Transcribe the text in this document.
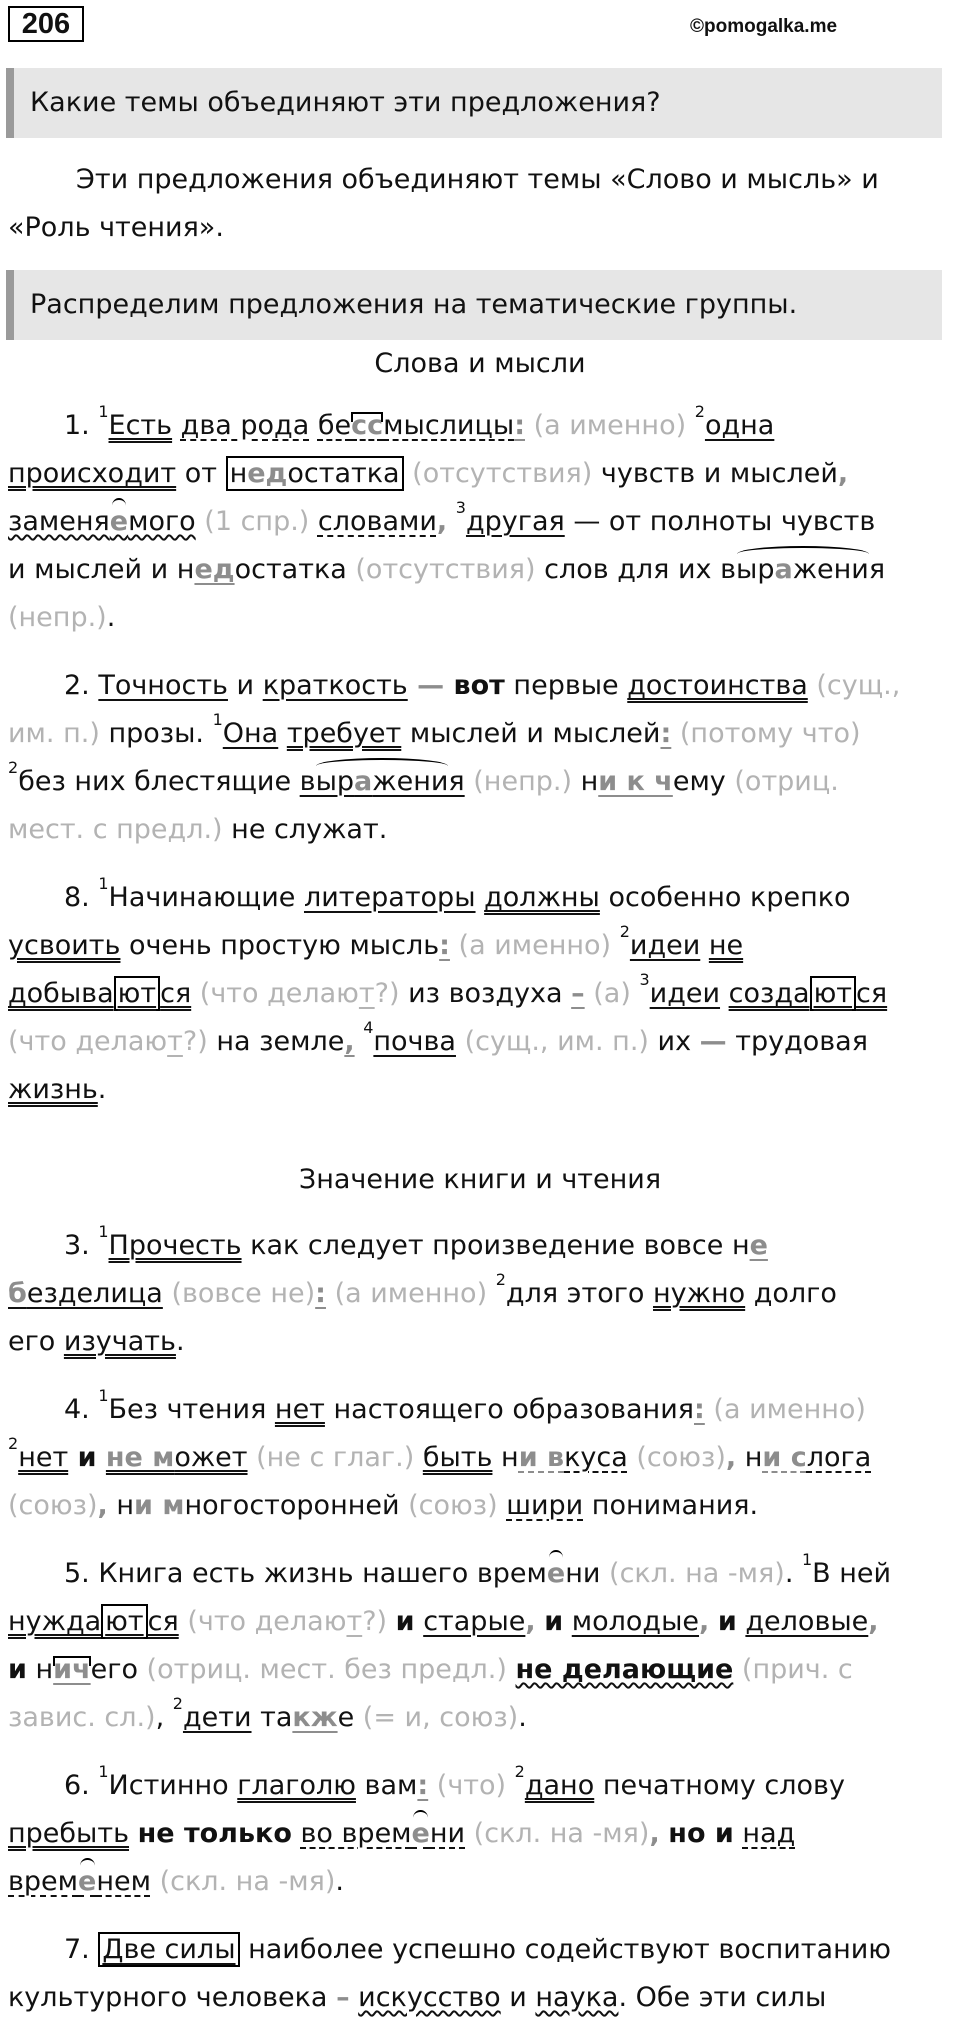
206	©pomogalka.me
Какие темы объединяют эти предложения?
Эти предложения объединяют темы «Слово и мысль» и
«Роль чтения».
Распределим предложения на тематические группы.
Слова и мысли
1. $^1$Есть два рода бессмыслицы: (а именно) $^2$одна
происходит от недостатка (отсутствия) чувств и мыслей,
заменяемого (1 спр.) словами, $^3$другая — от полноты чувств
и мыслей и недостатка (отсутствия) слов для их выражения
(непр.).
2. Точность и краткость — вот первые достоинства (сущ.,
им. п.) прозы. $^1$Она требует мыслей и мыслей: (потому что)
$^2$без них блестящие выражения (непр.) ни к чему (отриц.
мест. с предл.) не служат.
8. $^1$Начинающие литераторы должны особенно крепко
усвоить очень простую мысль: (а именно) $^2$идеи не
добыва ют ся (что делают?) из воздуха – (а) $^3$идеи созда ют ся
(что делают?) на земле, $^4$почва (сущ., им. п.) их — трудовая
жизнь.
Значение книги и чтения
3. $^1$Прочесть как следует произведение вовсе не
безделица (вовсе не): (а именно) $^2$для этого нужно долго
его изучать.
4. $^1$Без чтения нет настоящего образования: (а именно)
$^2$нет и не может (не с глаг.) быть ни вкуса (союз), ни слога
(союз), ни многосторонней (союз) шири понимания.
5. Книга есть жизнь нашего времени (скл. на -мя). $^1$В ней
нужда ют ся (что делают?) и старые, и молодые, и деловые,
и ничего (отриц. мест. без предл.) не делающие (прич. с
завис. сл.), $^2$дети также (= и, союз).
6. $^1$Истинно глаголю вам: (что) $^2$дано печатному слову
пребыть не только во времени (скл. на -мя), но и над
временем (скл. на -мя).
7. Две силы наиболее успешно содействуют воспитанию
культурного человека – искусство и наука. Обе эти силы
